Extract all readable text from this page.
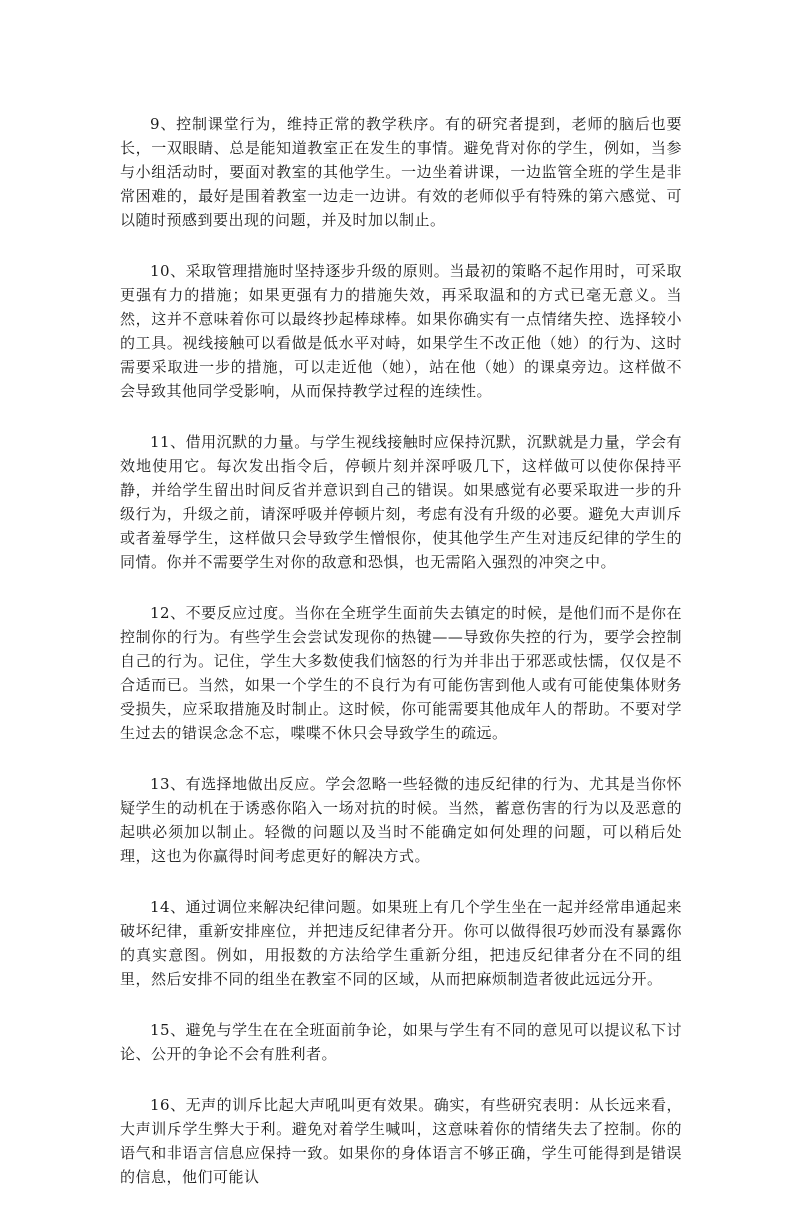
9、控制课堂行为，维持正常的教学秩序。有的研究者提到，老师的脑后也要长，一双眼睛、总是能知道教室正在发生的事情。避免背对你的学生，例如，当参与小组活动时，要面对教室的其他学生。一边坐着讲课，一边监管全班的学生是非常困难的，最好是围着教室一边走一边讲。有效的老师似乎有特殊的第六感觉、可以随时预感到要出现的问题，并及时加以制止。

10、采取管理措施时坚持逐步升级的原则。当最初的策略不起作用时，可采取更强有力的措施；如果更强有力的措施失效，再采取温和的方式已毫无意义。当然，这并不意味着你可以最终抄起棒球棒。如果你确实有一点情绪失控、选择较小的工具。视线接触可以看做是低水平对峙，如果学生不改正他（她）的行为、这时需要采取进一步的措施，可以走近他（她），站在他（她）的课桌旁边。这样做不会导致其他同学受影响，从而保持教学过程的连续性。

11、借用沉默的力量。与学生视线接触时应保持沉默，沉默就是力量，学会有效地使用它。每次发出指令后，停顿片刻并深呼吸几下，这样做可以使你保持平静，并给学生留出时间反省并意识到自己的错误。如果感觉有必要采取进一步的升级行为，升级之前，请深呼吸并停顿片刻，考虑有没有升级的必要。避免大声训斥或者羞辱学生，这样做只会导致学生憎恨你，使其他学生产生对违反纪律的学生的同情。你并不需要学生对你的敌意和恐惧，也无需陷入强烈的冲突之中。

12、不要反应过度。当你在全班学生面前失去镇定的时候，是他们而不是你在控制你的行为。有些学生会尝试发现你的热键——导致你失控的行为，要学会控制自己的行为。记住，学生大多数使我们恼怒的行为并非出于邪恶或怯懦，仅仅是不合适而已。当然，如果一个学生的不良行为有可能伤害到他人或有可能使集体财务受损失，应采取措施及时制止。这时候，你可能需要其他成年人的帮助。不要对学生过去的错误念念不忘，喋喋不休只会导致学生的疏远。

13、有选择地做出反应。学会忽略一些轻微的违反纪律的行为、尤其是当你怀疑学生的动机在于诱惑你陷入一场对抗的时候。当然，蓄意伤害的行为以及恶意的起哄必须加以制止。轻微的问题以及当时不能确定如何处理的问题，可以稍后处理，这也为你赢得时间考虑更好的解决方式。

14、通过调位来解决纪律问题。如果班上有几个学生坐在一起并经常串通起来破坏纪律，重新安排座位，并把违反纪律者分开。你可以做得很巧妙而没有暴露你的真实意图。例如，用报数的方法给学生重新分组，把违反纪律者分在不同的组里，然后安排不同的组坐在教室不同的区域，从而把麻烦制造者彼此远远分开。

15、避免与学生在在全班面前争论，如果与学生有不同的意见可以提议私下讨论、公开的争论不会有胜利者。

16、无声的训斥比起大声吼叫更有效果。确实，有些研究表明：从长远来看，大声训斥学生弊大于利。避免对着学生喊叫，这意味着你的情绪失去了控制。你的语气和非语言信息应保持一致。如果你的身体语言不够正确，学生可能得到是错误的信息，他们可能认
